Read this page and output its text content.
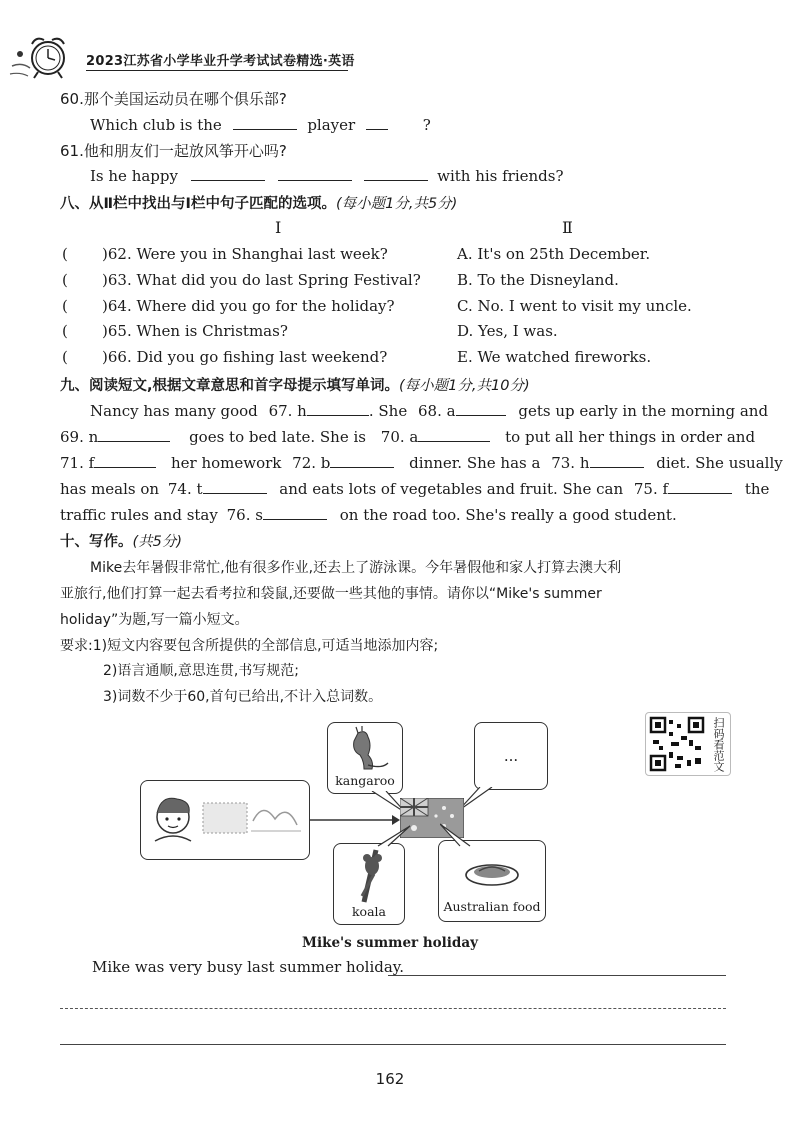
2023江苏省小学毕业升学考试试卷精选·英语
60.那个美国运动员在哪个俱乐部?
Which club is the	player	?
61.他和朋友们一起放风筝开心吗?
Is he happy	with his friends?
八、从Ⅱ栏中找出与Ⅰ栏中句子匹配的选项。(每小题1分,共5分)
Ⅰ	Ⅱ
( )62. Were you in Shanghai last week?	A. It's on 25th December.
( )63. What did you do last Spring Festival? B. To the Disneyland.
( )64. Where did you go for the holiday?	C. No. I went to visit my uncle.
( )65. When is Christmas?	D. Yes, I was.
( )66. Did you go fishing last weekend?	E. We watched fireworks.
九、阅读短文,根据文章意思和首字母提示填写单词。(每小题1分,共10分)
Nancy has many good 67. h	. She 68. a	gets up early in the morning and
69. n	goes to bed late. She is 70. a	to put all her things in order and
71. f	her homework 72. b	dinner. She has a 73. h	diet. She usually
has meals on 74. t	and eats lots of vegetables and fruit. She can 75. f	the
traffic rules and stay 76. s	on the road too. She's really a good student.
十、写作。(共5分)
Mike去年暑假非常忙,他有很多作业,还去上了游泳课。今年暑假他和家人打算去澳大利
亚旅行,他们打算一起去看考拉和袋鼠,还要做一些其他的事情。请你以“Mike's summer
holiday”为题,写一篇小短文。
要求:1)短文内容要包含所提供的全部信息,可适当地添加内容;
2)语言通顺,意思连贯,书写规范;
3)词数不少于60,首句已给出,不计入总词数。
kangaroo
...
koala	Australian food
Mike's summer holiday
扫码看范文
Mike was very busy last summer holiday.
162
